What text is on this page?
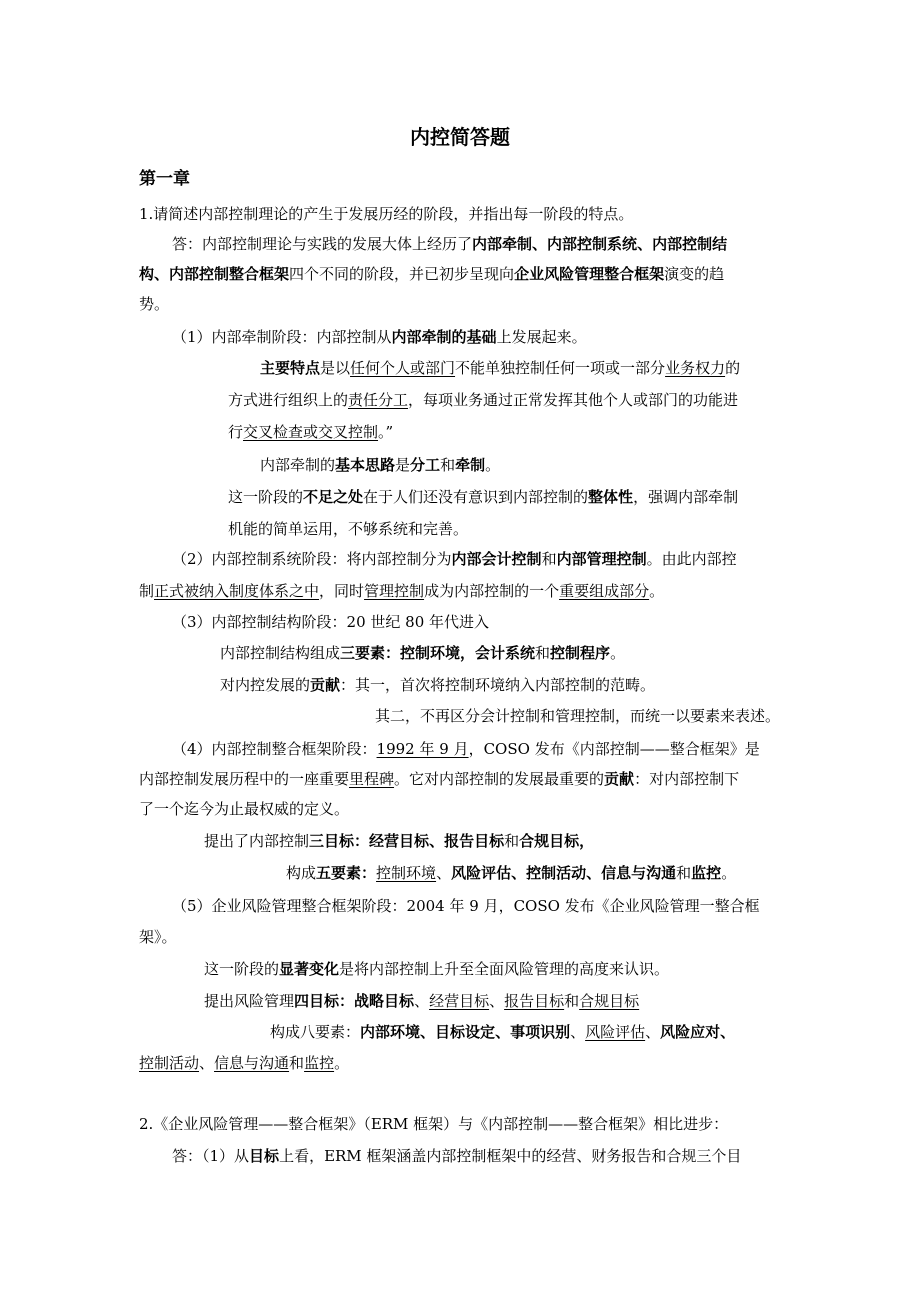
内控简答题
第一章
1.请简述内部控制理论的产生于发展历经的阶段，并指出每一阶段的特点。
答：内部控制理论与实践的发展大体上经历了内部牵制、内部控制系统、内部控制结
构、内部控制整合框架四个不同的阶段，并已初步呈现向企业风险管理整合框架演变的趋
势。
（1）内部牵制阶段：内部控制从内部牵制的基础上发展起来。
主要特点是以任何个人或部门不能单独控制任何一项或一部分业务权力的
方式进行组织上的责任分工，每项业务通过正常发挥其他个人或部门的功能进
行交叉检查或交叉控制。”
内部牵制的基本思路是分工和牵制。
这一阶段的不足之处在于人们还没有意识到内部控制的整体性，强调内部牵制
机能的简单运用，不够系统和完善。
（2）内部控制系统阶段：将内部控制分为内部会计控制和内部管理控制。由此内部控
制正式被纳入制度体系之中，同时管理控制成为内部控制的一个重要组成部分。
（3）内部控制结构阶段：20 世纪 80 年代进入
内部控制结构组成三要素：控制环境，会计系统和控制程序。
对内控发展的贡献：其一，首次将控制环境纳入内部控制的范畴。
其二，不再区分会计控制和管理控制，而统一以要素来表述。
（4）内部控制整合框架阶段：1992 年 9 月，COSO 发布《内部控制——整合框架》是
内部控制发展历程中的一座重要里程碑。它对内部控制的发展最重要的贡献：对内部控制下
了一个迄今为止最权威的定义。
提出了内部控制三目标：经营目标、报告目标和合规目标，
构成五要素：控制环境、风险评估、控制活动、信息与沟通和监控。
（5）企业风险管理整合框架阶段：2004 年 9 月，COSO 发布《企业风险管理一整合框
架》。
这一阶段的显著变化是将内部控制上升至全面风险管理的高度来认识。
提出风险管理四目标：战略目标、经营目标、报告目标和合规目标
构成八要素：内部环境、目标设定、事项识别、风险评估、风险应对、
控制活动、信息与沟通和监控。
2.《企业风险管理——整合框架》（ERM 框架）与《内部控制——整合框架》相比进步：
答：（1）从目标上看，ERM 框架涵盖内部控制框架中的经营、财务报告和合规三个目
